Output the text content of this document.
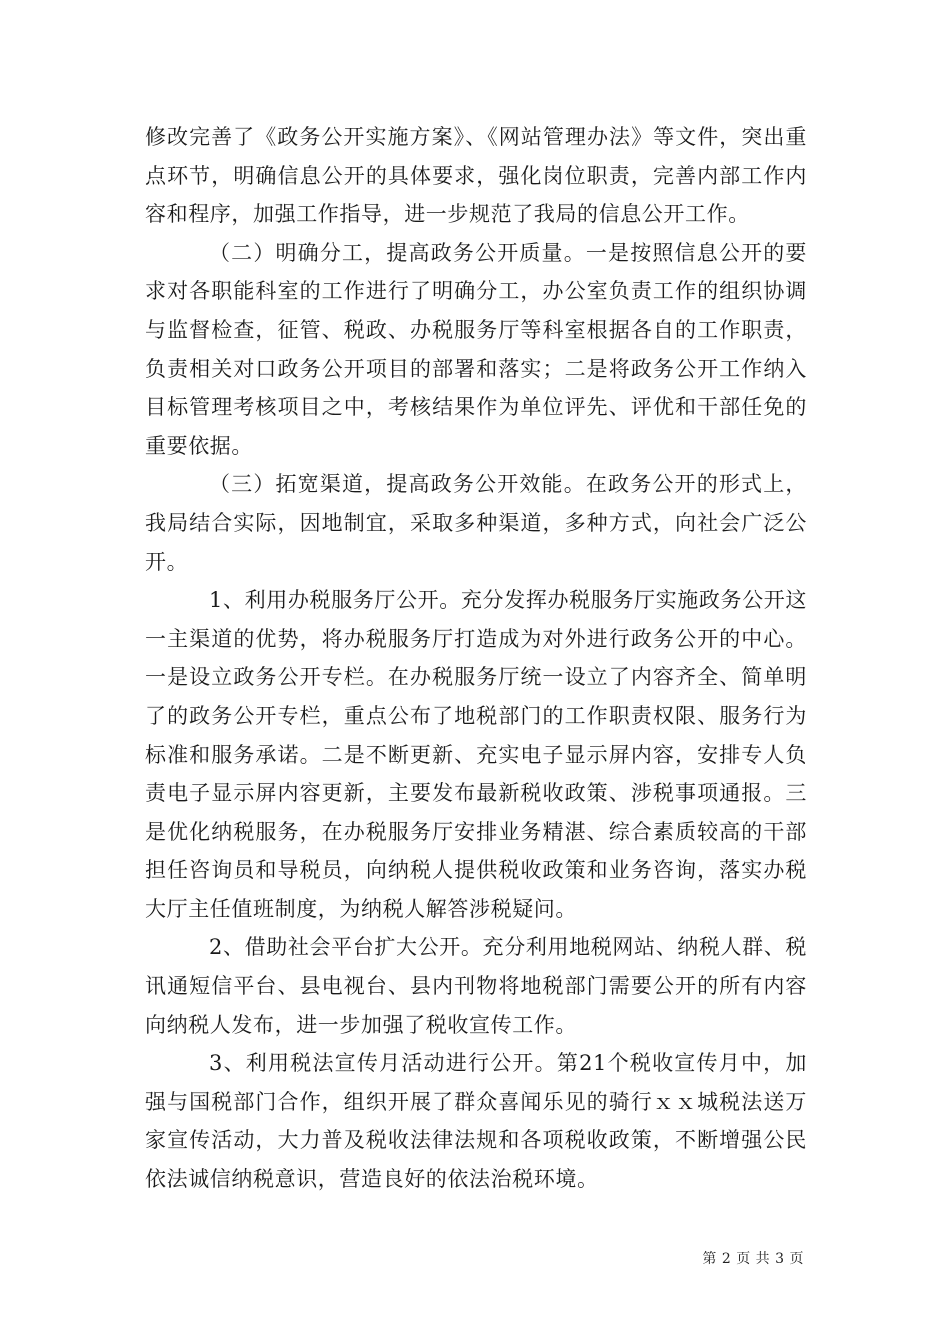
修改完善了《政务公开实施方案》、《网站管理办法》等文件，突出重点环节，明确信息公开的具体要求，强化岗位职责，完善内部工作内容和程序，加强工作指导，进一步规范了我局的信息公开工作。

（二）明确分工，提高政务公开质量。一是按照信息公开的要求对各职能科室的工作进行了明确分工，办公室负责工作的组织协调与监督检查，征管、税政、办税服务厅等科室根据各自的工作职责，负责相关对口政务公开项目的部署和落实；二是将政务公开工作纳入目标管理考核项目之中，考核结果作为单位评先、评优和干部任免的重要依据。

（三）拓宽渠道，提高政务公开效能。在政务公开的形式上，我局结合实际，因地制宜，采取多种渠道，多种方式，向社会广泛公开。

1、利用办税服务厅公开。充分发挥办税服务厅实施政务公开这一主渠道的优势，将办税服务厅打造成为对外进行政务公开的中心。一是设立政务公开专栏。在办税服务厅统一设立了内容齐全、简单明了的政务公开专栏，重点公布了地税部门的工作职责权限、服务行为标准和服务承诺。二是不断更新、充实电子显示屏内容，安排专人负责电子显示屏内容更新，主要发布最新税收政策、涉税事项通报。三是优化纳税服务，在办税服务厅安排业务精湛、综合素质较高的干部担任咨询员和导税员，向纳税人提供税收政策和业务咨询，落实办税大厅主任值班制度，为纳税人解答涉税疑问。

2、借助社会平台扩大公开。充分利用地税网站、纳税人群、税讯通短信平台、县电视台、县内刊物将地税部门需要公开的所有内容向纳税人发布，进一步加强了税收宣传工作。

3、利用税法宣传月活动进行公开。第21个税收宣传月中，加强与国税部门合作，组织开展了群众喜闻乐见的骑行ｘｘ城税法送万家宣传活动，大力普及税收法律法规和各项税收政策，不断增强公民依法诚信纳税意识，营造良好的依法治税环境。

第 2 页 共 3 页
